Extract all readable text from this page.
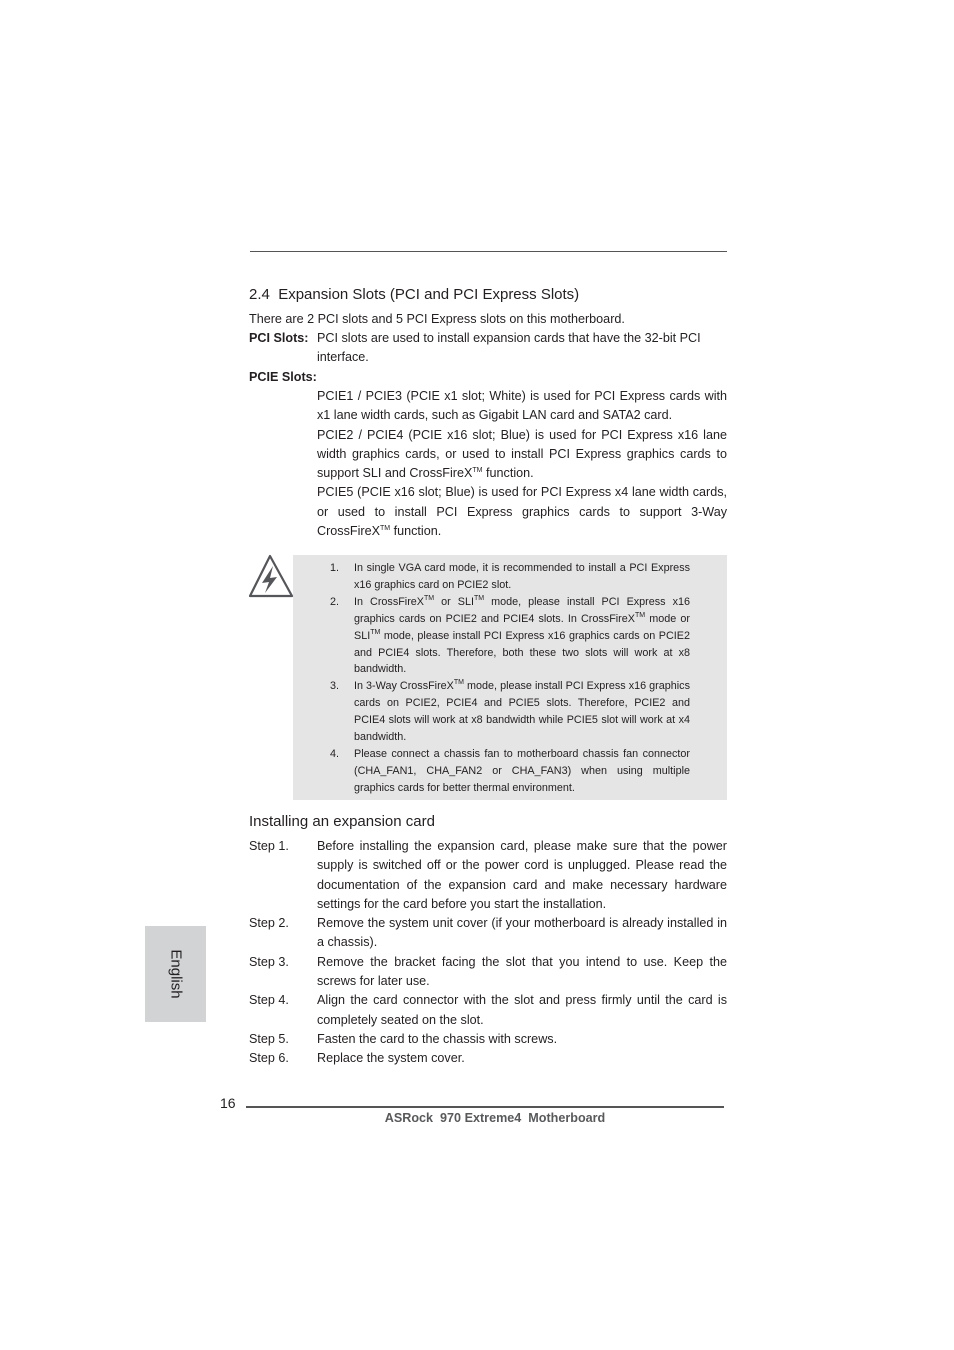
2.4 Expansion Slots (PCI and PCI Express Slots)
There are 2 PCI slots and 5 PCI Express slots on this motherboard.
PCI Slots: PCI slots are used to install expansion cards that have the 32-bit PCI interface.
PCIE Slots:

PCIE1 / PCIE3 (PCIE x1 slot; White) is used for PCI Express cards with x1 lane width cards, such as Gigabit LAN card and SATA2 card.

PCIE2 / PCIE4 (PCIE x16 slot; Blue) is used for PCI Express x16 lane width graphics cards, or used to install PCI Express graphics cards to support SLI and CrossFireX™ function.

PCIE5 (PCIE x16 slot; Blue) is used for PCI Express x4 lane width cards, or used to install PCI Express graphics cards to support 3-Way CrossFireX™ function.

1.	In single VGA card mode, it is recommended to install a PCI Express x16 graphics card on PCIE2 slot.
2.	In CrossFireX™ or SLI™ mode, please install PCI Express x16 graphics cards on PCIE2 and PCIE4 slots. In CrossFireX™ mode or SLI™ mode, please install PCI Express x16 graphics cards on PCIE2 and PCIE4 slots. Therefore, both these two slots will work at x8 bandwidth.
3.	In 3-Way CrossFireX™ mode, please install PCI Express x16 graphics cards on PCIE2, PCIE4 and PCIE5 slots. Therefore, PCIE2 and PCIE4 slots will work at x8 bandwidth while PCIE5 slot will work at x4 bandwidth.
4.	Please connect a chassis fan to motherboard chassis fan connector (CHA_FAN1, CHA_FAN2 or CHA_FAN3) when using multiple graphics cards for better thermal environment.
Installing an expansion card
Step 1.	Before installing the expansion card, please make sure that the power supply is switched off or the power cord is unplugged. Please read the documentation of the expansion card and make necessary hardware settings for the card before you start the installation.
Step 2.	Remove the system unit cover (if your motherboard is already installed in a chassis).
Step 3.	Remove the bracket facing the slot that you intend to use. Keep the screws for later use.
Step 4.	Align the card connector with the slot and press firmly until the card is completely seated on the slot.
Step 5.	Fasten the card to the chassis with screws.
Step 6.	Replace the system cover.
English
16
ASRock  970 Extreme4  Motherboard
